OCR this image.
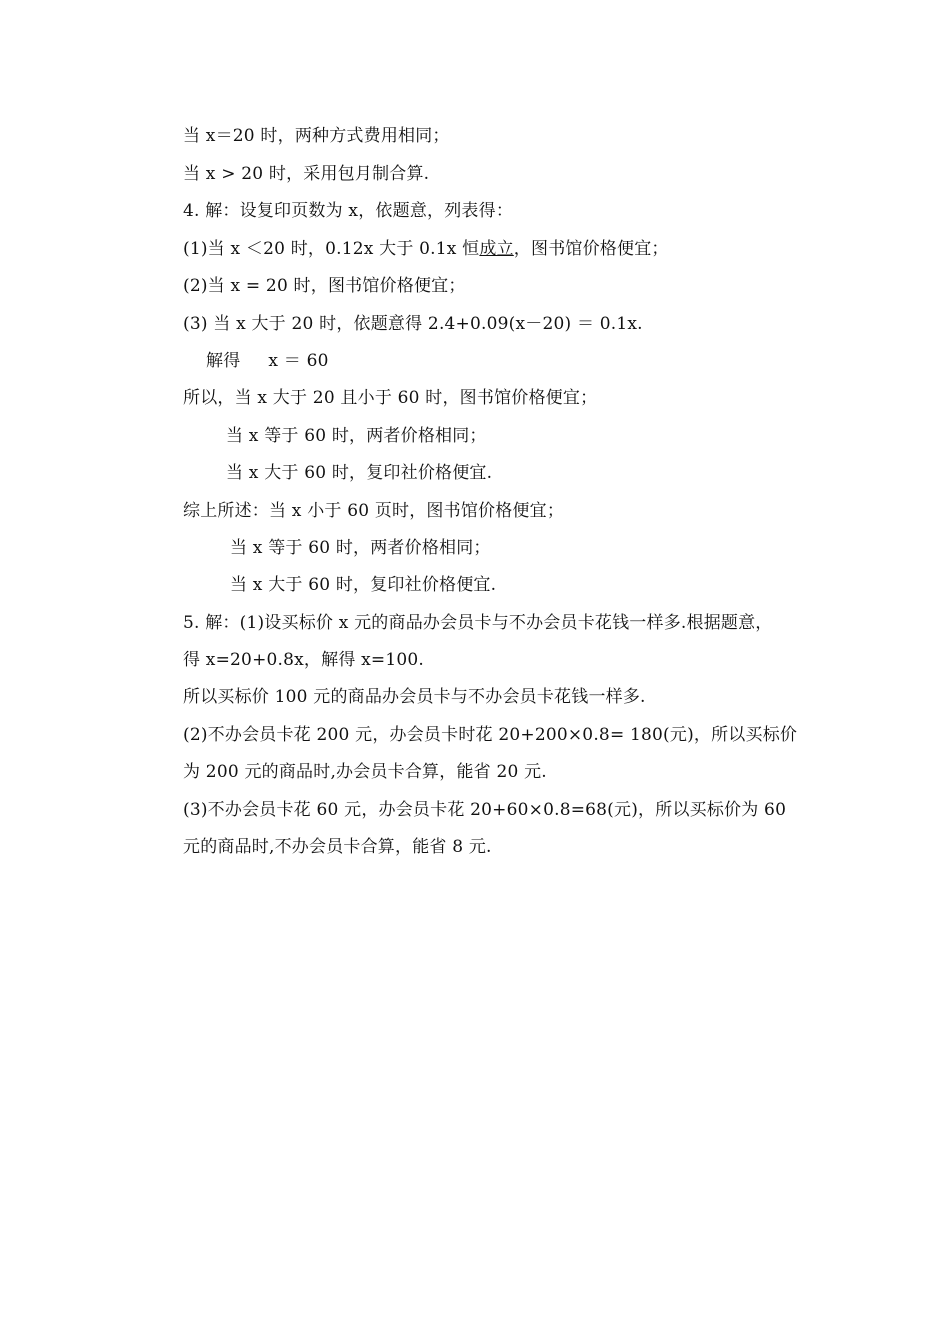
当 x＝20 时，两种方式费用相同；
当 x > 20 时，采用包月制合算.
4. 解：设复印页数为 x，依题意，列表得：
(1)当 x ＜20 时，0.12x 大于 0.1x 恒成立，图书馆价格便宜；
(2)当 x = 20 时，图书馆价格便宜；
(3) 当 x 大于 20 时，依题意得 2.4+0.09(x－20) ＝ 0.1x.
解得     x ＝ 60
所以，当 x 大于 20 且小于 60 时，图书馆价格便宜；
当 x 等于 60 时，两者价格相同；
当 x 大于 60 时，复印社价格便宜.
综上所述：当 x 小于 60 页时，图书馆价格便宜；
当 x 等于 60 时，两者价格相同；
当 x 大于 60 时，复印社价格便宜.
5. 解：(1)设买标价 x 元的商品办会员卡与不办会员卡花钱一样多.根据题意，
得 x=20+0.8x，解得 x=100.
所以买标价 100 元的商品办会员卡与不办会员卡花钱一样多.
(2)不办会员卡花 200 元，办会员卡时花 20+200×0.8= 180(元)，所以买标价
为 200 元的商品时,办会员卡合算，能省 20 元.
(3)不办会员卡花 60 元，办会员卡花 20+60×0.8=68(元)，所以买标价为 60
元的商品时,不办会员卡合算，能省 8 元.
